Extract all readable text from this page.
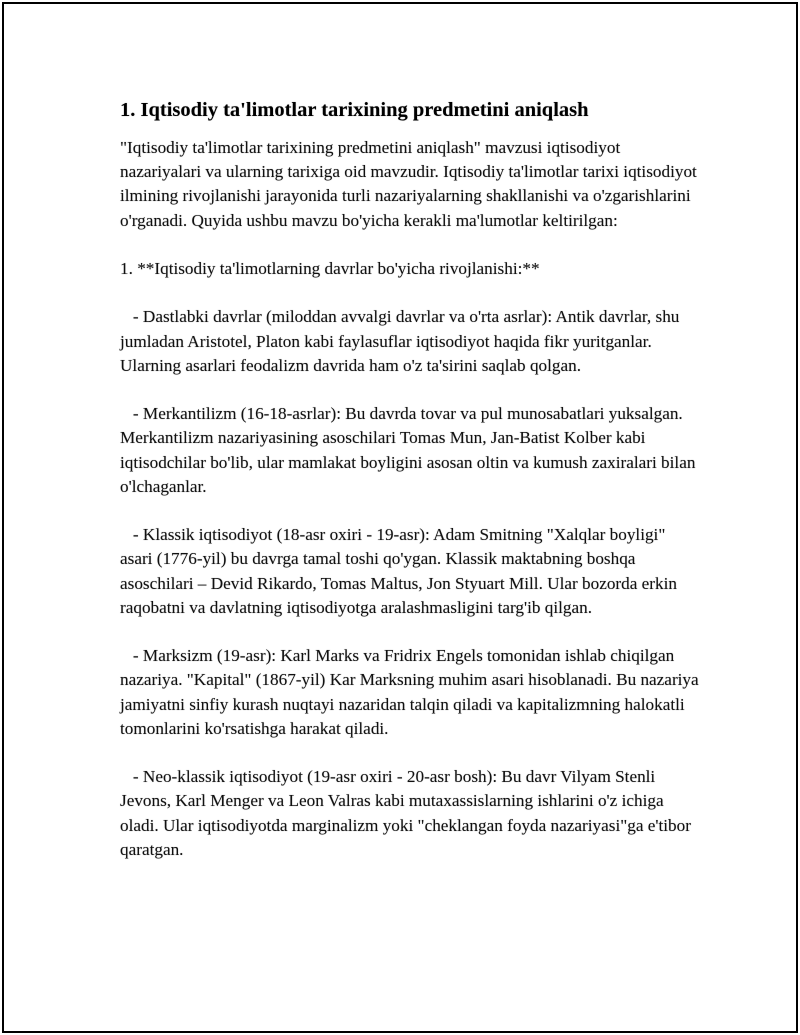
1. Iqtisodiy ta'limotlar tarixining predmetini aniqlash

"Iqtisodiy ta'limotlar tarixining predmetini aniqlash" mavzusi iqtisodiyot nazariyalari va ularning tarixiga oid mavzudir. Iqtisodiy ta'limotlar tarixi iqtisodiyot ilmining rivojlanishi jarayonida turli nazariyalarning shakllanishi va o'zgarishlarini o'rganadi. Quyida ushbu mavzu bo'yicha kerakli ma'lumotlar keltirilgan:

1. **Iqtisodiy ta'limotlarning davrlar bo'yicha rivojlanishi:**

- Dastlabki davrlar (miloddan avvalgi davrlar va o'rta asrlar): Antik davrlar, shu jumladan Aristotel, Platon kabi faylasuflar iqtisodiyot haqida fikr yuritganlar. Ularning asarlari feodalizm davrida ham o'z ta'sirini saqlab qolgan.

- Merkantilizm (16-18-asrlar): Bu davrda tovar va pul munosabatlari yuksalgan. Merkantilizm nazariyasining asoschilari Tomas Mun, Jan-Batist Kolber kabi iqtisodchilar bo'lib, ular mamlakat boyligini asosan oltin va kumush zaxiralari bilan o'lchaganlar.

- Klassik iqtisodiyot (18-asr oxiri - 19-asr): Adam Smitning "Xalqlar boyligi" asari (1776-yil) bu davrga tamal toshi qo'ygan. Klassik maktabning boshqa asoschilari – Devid Rikardo, Tomas Maltus, Jon Styuart Mill. Ular bozorda erkin raqobatni va davlatning iqtisodiyotga aralashmasligini targ'ib qilgan.

- Marksizm (19-asr): Karl Marks va Fridrix Engels tomonidan ishlab chiqilgan nazariya. "Kapital" (1867-yil) Kar Marksning muhim asari hisoblanadi. Bu nazariya jamiyatni sinfiy kurash nuqtayi nazaridan talqin qiladi va kapitalizmning halokatli tomonlarini ko'rsatishga harakat qiladi.

- Neo-klassik iqtisodiyot (19-asr oxiri - 20-asr bosh): Bu davr Vilyam Stenli Jevons, Karl Menger va Leon Valras kabi mutaxassislarning ishlarini o'z ichiga oladi. Ular iqtisodiyotda marginalizm yoki "cheklangan foyda nazariyasi"ga e'tibor qaratgan.
